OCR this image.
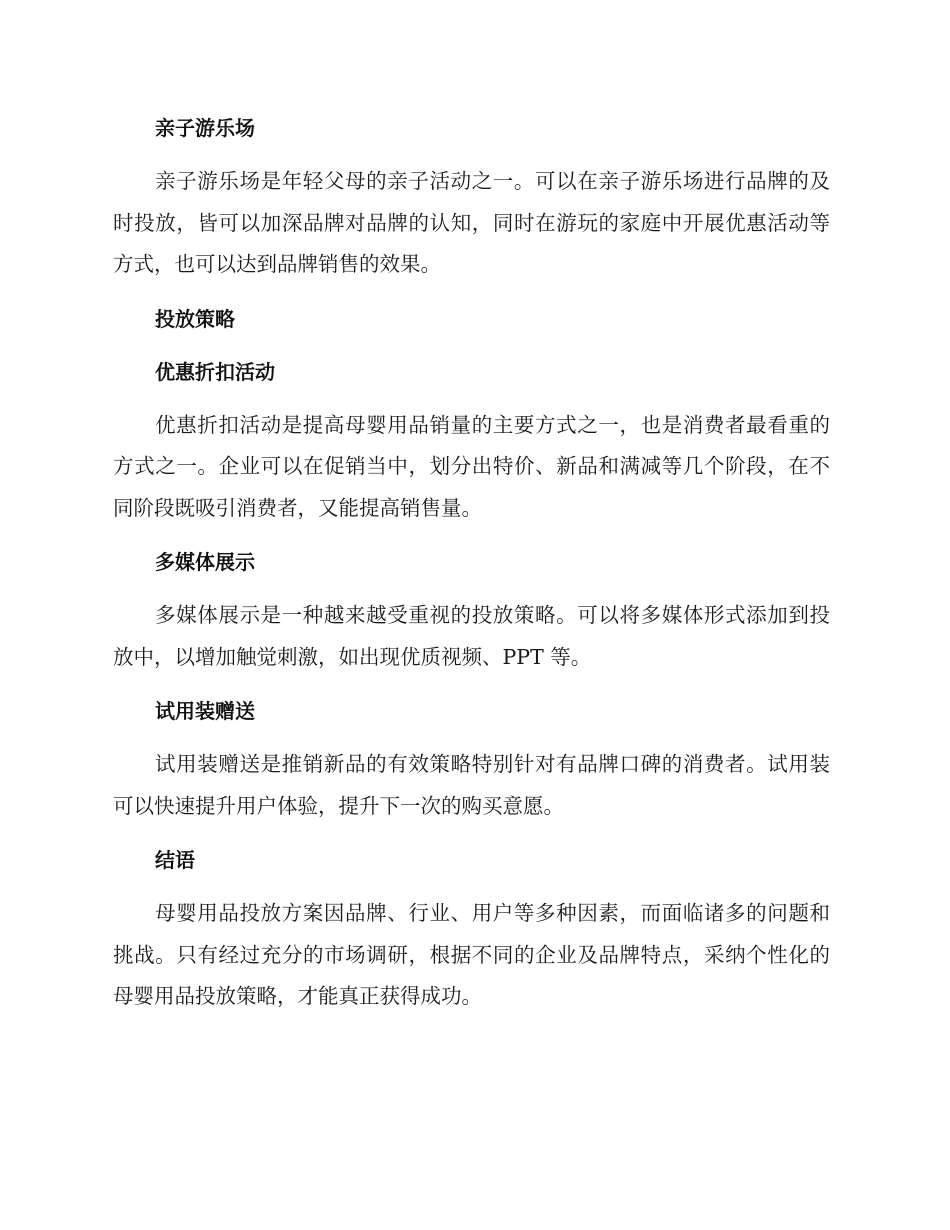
亲子游乐场

亲子游乐场是年轻父母的亲子活动之一。可以在亲子游乐场进行品牌的及时投放，皆可以加深品牌对品牌的认知，同时在游玩的家庭中开展优惠活动等方式，也可以达到品牌销售的效果。

投放策略
优惠折扣活动

优惠折扣活动是提高母婴用品销量的主要方式之一，也是消费者最看重的方式之一。企业可以在促销当中，划分出特价、新品和满减等几个阶段，在不同阶段既吸引消费者，又能提高销售量。

多媒体展示

多媒体展示是一种越来越受重视的投放策略。可以将多媒体形式添加到投放中，以增加触觉刺激，如出现优质视频、PPT 等。

试用装赠送

试用装赠送是推销新品的有效策略特别针对有品牌口碑的消费者。试用装可以快速提升用户体验，提升下一次的购买意愿。

结语

母婴用品投放方案因品牌、行业、用户等多种因素，而面临诸多的问题和挑战。只有经过充分的市场调研，根据不同的企业及品牌特点，采纳个性化的母婴用品投放策略，才能真正获得成功。
